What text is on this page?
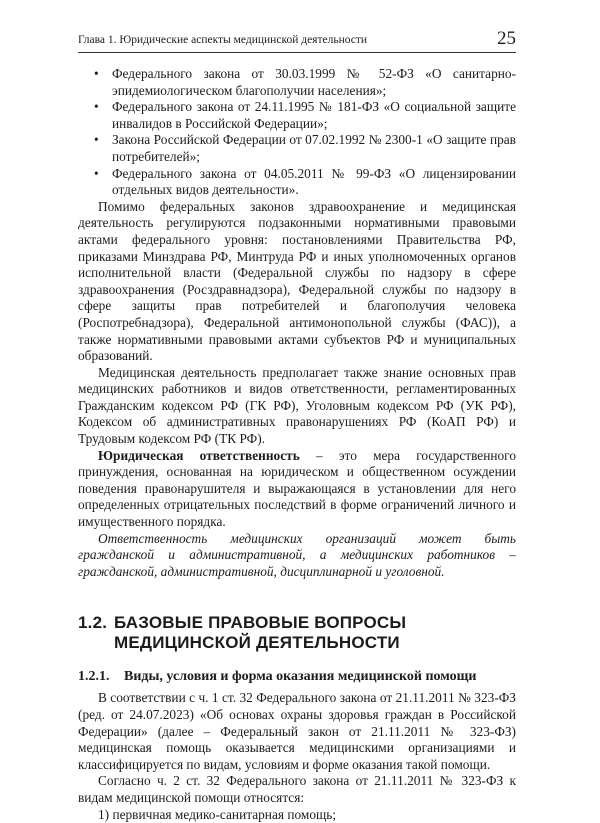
Глава 1. Юридические аспекты медицинской деятельности	25
• Федерального закона от 30.03.1999 № 52-ФЗ «О санитарно-эпидемиологическом благополучии населения»;
• Федерального закона от 24.11.1995 № 181-ФЗ «О социальной защите инвалидов в Российской Федерации»;
• Закона Российской Федерации от 07.02.1992 № 2300-1 «О защите прав потребителей»;
• Федерального закона от 04.05.2011 № 99-ФЗ «О лицензировании отдельных видов деятельности».

Помимо федеральных законов здравоохранение и медицинская деятельность регулируются подзаконными нормативными правовыми актами федерального уровня: постановлениями Правительства РФ, приказами Минздрава РФ, Минтруда РФ и иных уполномоченных органов исполнительной власти (Федеральной службы по надзору в сфере здравоохранения (Росздравнадзора), Федеральной службы по надзору в сфере защиты прав потребителей и благополучия человека (Роспотребнадзора), Федеральной антимонопольной службы (ФАС)), а также нормативными правовыми актами субъектов РФ и муниципальных образований.

Медицинская деятельность предполагает также знание основных прав медицинских работников и видов ответственности, регламентированных Гражданским кодексом РФ (ГК РФ), Уголовным кодексом РФ (УК РФ), Кодексом об административных правонарушениях РФ (КоАП РФ) и Трудовым кодексом РФ (ТК РФ).

Юридическая ответственность – это мера государственного принуждения, основанная на юридическом и общественном осуждении поведения правонарушителя и выражающаяся в установлении для него определенных отрицательных последствий в форме ограничений личного и имущественного порядка.

Ответственность медицинских организаций может быть гражданской и административной, а медицинских работников – гражданской, административной, дисциплинарной и уголовной.

1.2. БАЗОВЫЕ ПРАВОВЫЕ ВОПРОСЫ МЕДИЦИНСКОЙ ДЕЯТЕЛЬНОСТИ
1.2.1. Виды, условия и форма оказания медицинской помощи

В соответствии с ч. 1 ст. 32 Федерального закона от 21.11.2011 № 323-ФЗ (ред. от 24.07.2023) «Об основах охраны здоровья граждан в Российской Федерации» (далее – Федеральный закон от 21.11.2011 № 323-ФЗ) медицинская помощь оказывается медицинскими организациями и классифицируется по видам, условиям и форме оказания такой помощи.

Согласно ч. 2 ст. 32 Федерального закона от 21.11.2011 № 323-ФЗ к видам медицинской помощи относятся:

1) первичная медико-санитарная помощь;
